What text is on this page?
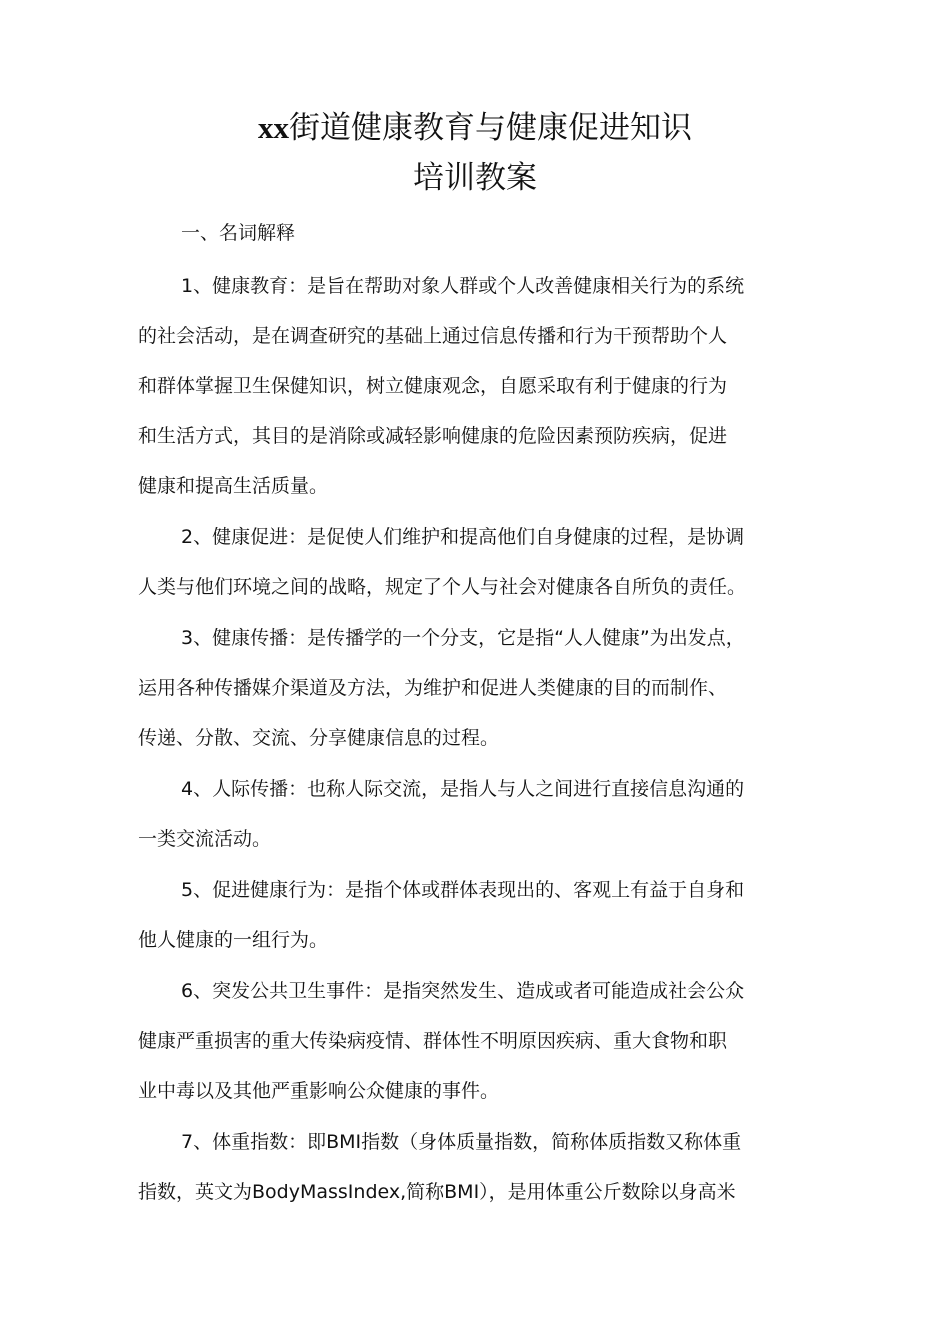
xx街道健康教育与健康促进知识
培训教案
一、名词解释
1、健康教育：是旨在帮助对象人群或个人改善健康相关行为的系统
的社会活动，是在调查研究的基础上通过信息传播和行为干预帮助个人
和群体掌握卫生保健知识，树立健康观念，自愿采取有利于健康的行为
和生活方式，其目的是消除或减轻影响健康的危险因素预防疾病，促进
健康和提高生活质量。
2、健康促进：是促使人们维护和提高他们自身健康的过程，是协调
人类与他们环境之间的战略，规定了个人与社会对健康各自所负的责任。
3、健康传播：是传播学的一个分支，它是指“人人健康”为出发点，
运用各种传播媒介渠道及方法，为维护和促进人类健康的目的而制作、
传递、分散、交流、分享健康信息的过程。
4、人际传播：也称人际交流，是指人与人之间进行直接信息沟通的
一类交流活动。
5、促进健康行为：是指个体或群体表现出的、客观上有益于自身和
他人健康的一组行为。
6、突发公共卫生事件：是指突然发生、造成或者可能造成社会公众
健康严重损害的重大传染病疫情、群体性不明原因疾病、重大食物和职
业中毒以及其他严重影响公众健康的事件。
7、体重指数：即BMI指数（身体质量指数，简称体质指数又称体重
指数，英文为BodyMassIndex,简称BMI），是用体重公斤数除以身高米
